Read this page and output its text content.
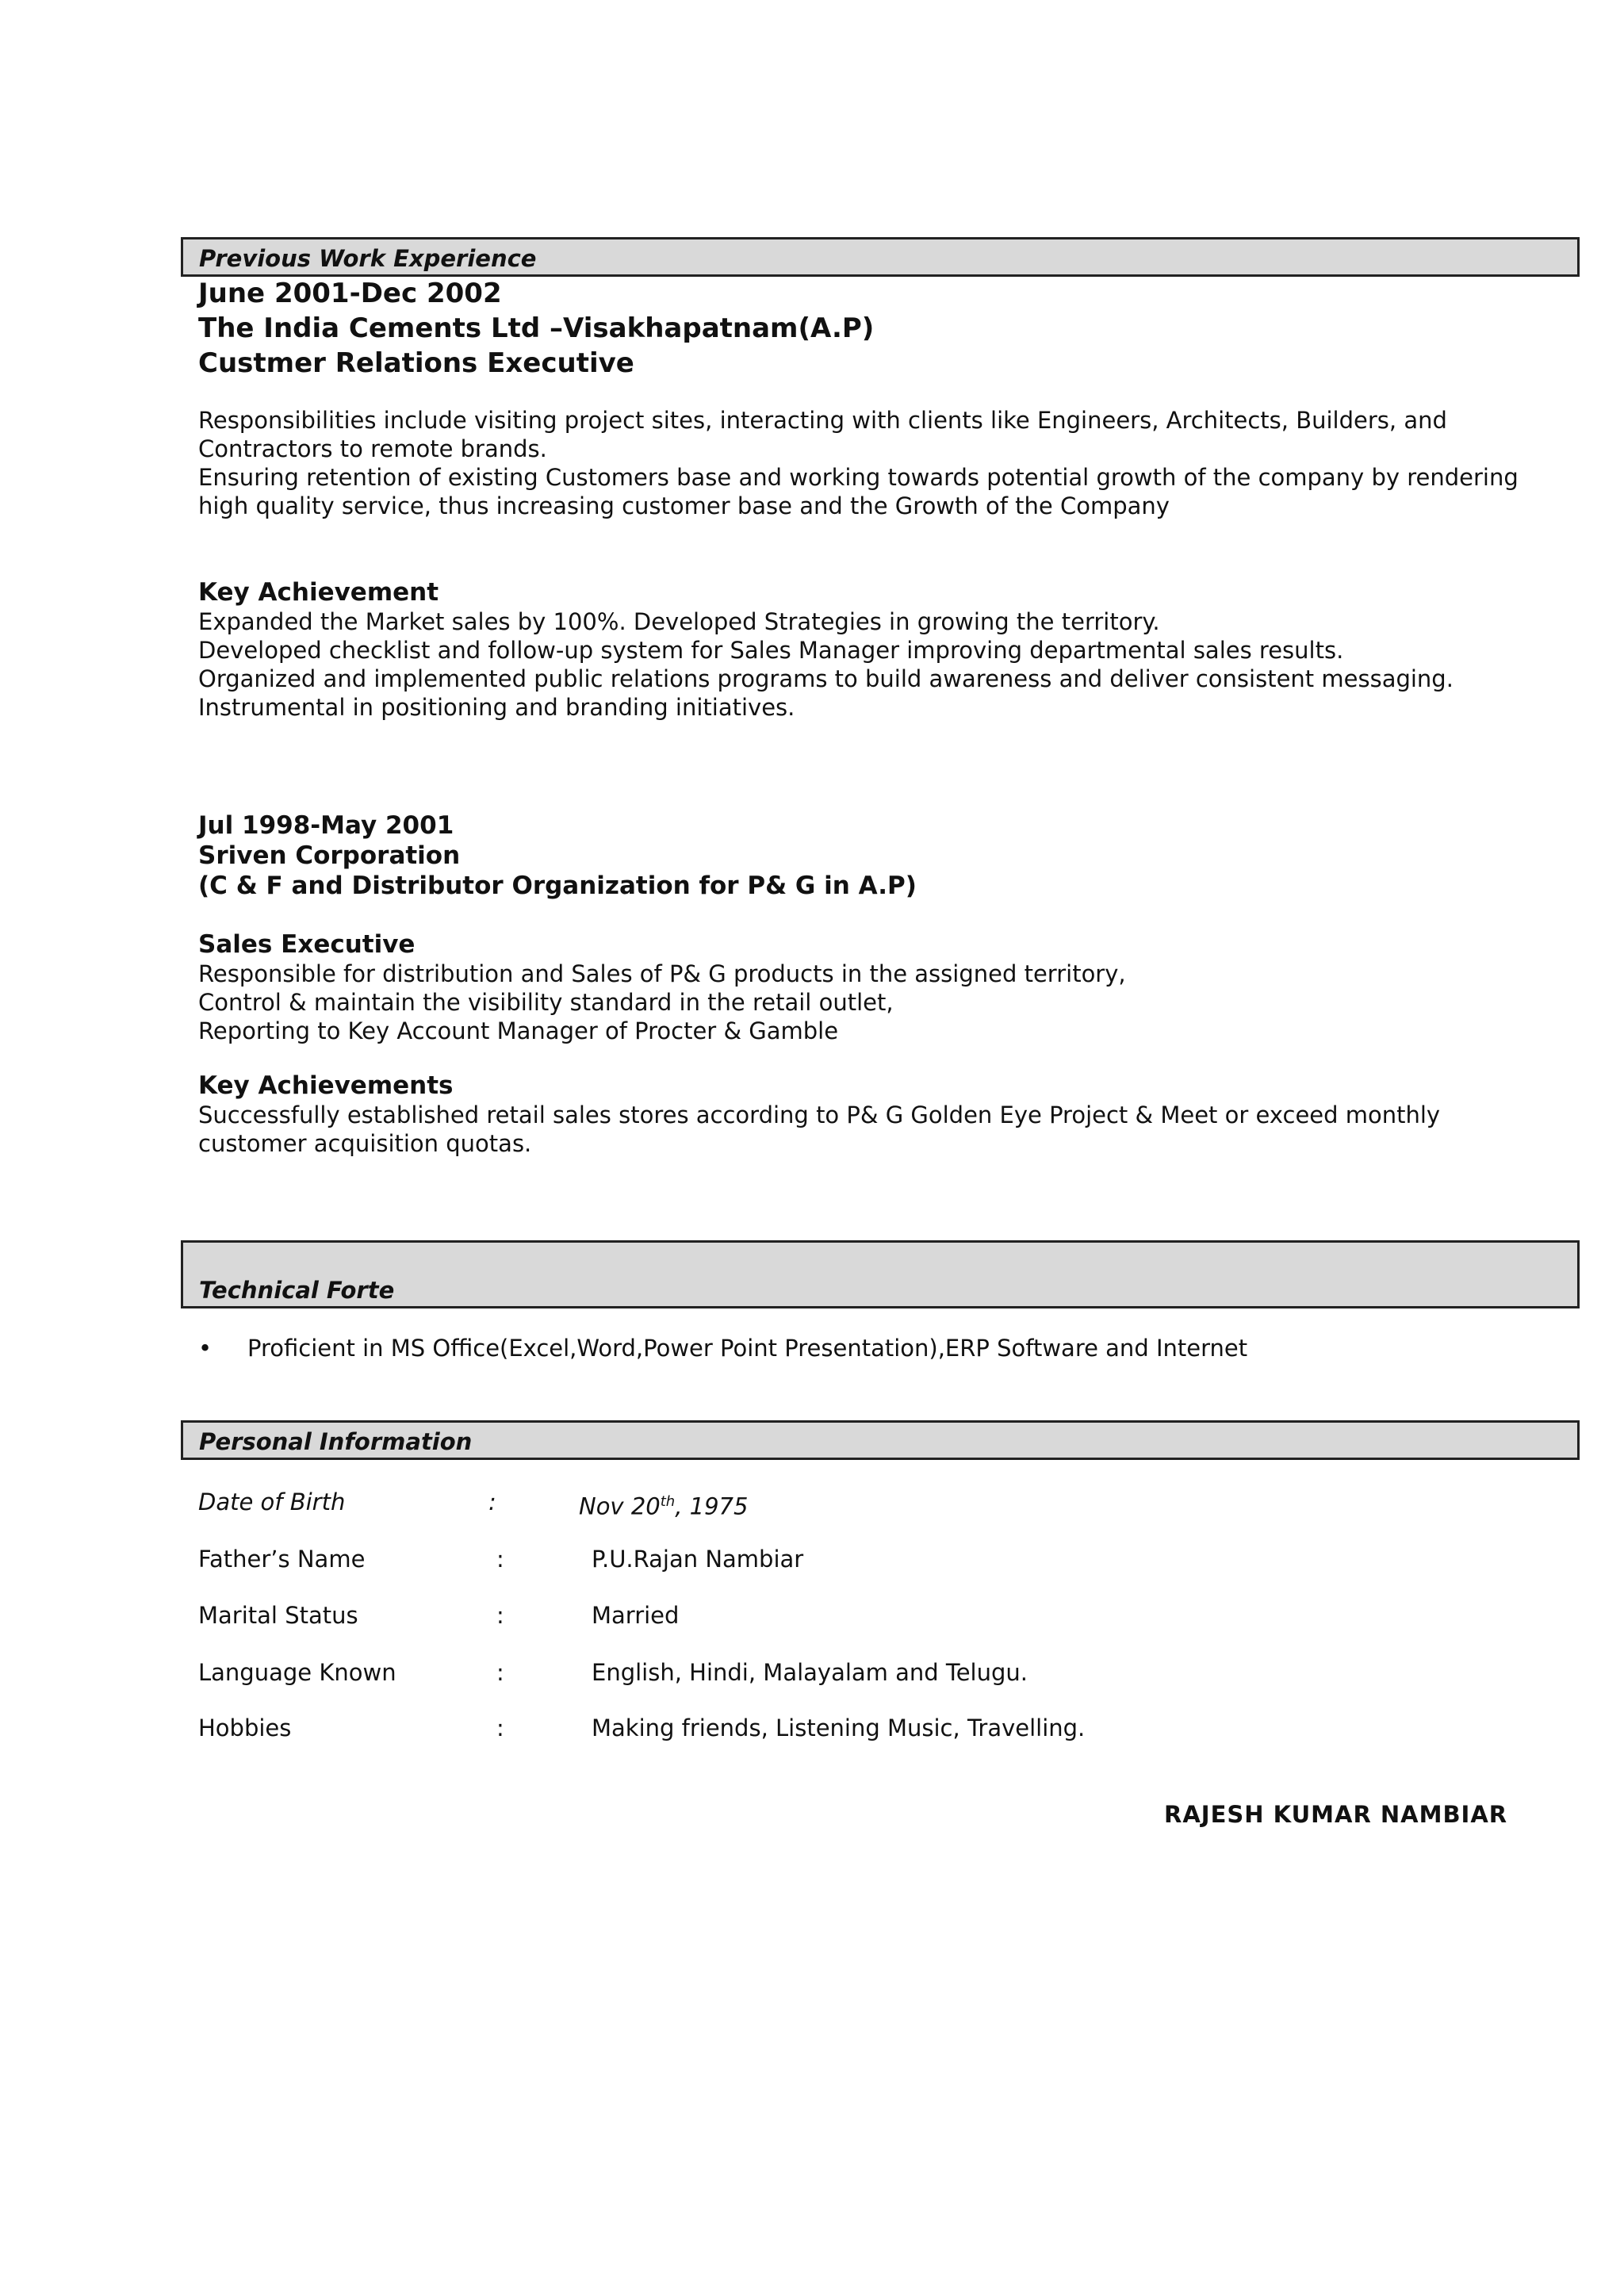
Previous Work Experience
June 2001-Dec 2002
The India Cements Ltd –Visakhapatnam(A.P)
Custmer Relations Executive
Responsibilities include visiting project sites, interacting with clients like Engineers, Architects, Builders, and
Contractors to remote brands.
Ensuring retention of existing Customers base and working towards potential growth of the company by rendering
high quality service, thus increasing customer base and the Growth of the Company
Key Achievement
Expanded the Market sales by 100%. Developed Strategies in growing the territory.
Developed checklist and follow-up system for Sales Manager improving departmental sales results.
Organized and implemented public relations programs to build awareness and deliver consistent messaging.
Instrumental in positioning and branding initiatives.
Jul 1998-May 2001
Sriven Corporation
(C & F and Distributor Organization for P& G in A.P)
Sales Executive
Responsible for distribution and Sales of P& G products in the assigned territory,
Control & maintain the visibility standard in the retail outlet,
Reporting to Key Account Manager of Procter & Gamble
Key Achievements
Successfully established retail sales stores according to P& G Golden Eye Project & Meet or exceed monthly
customer acquisition quotas.
Technical Forte
• Proficient in MS Office(Excel,Word,Power Point Presentation),ERP Software and Internet
Personal Information
Date of Birth	:	Nov 20th, 1975
Father’s Name	:	P.U.Rajan Nambiar
Marital Status	:	Married
Language Known	:	English, Hindi, Malayalam and Telugu.
Hobbies	:	Making friends, Listening Music, Travelling.
RAJESH KUMAR NAMBIAR
